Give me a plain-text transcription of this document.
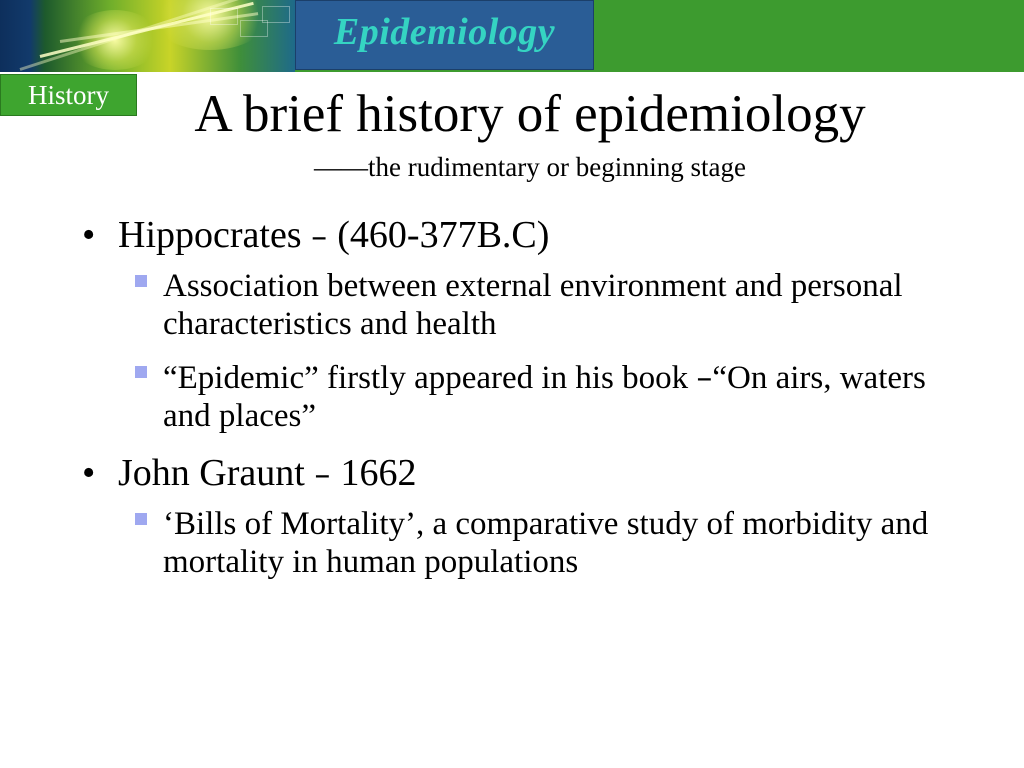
Epidemiology
History	A brief history of epidemiology
——the rudimentary or beginning stage
• Hippocrates – (460-377B.C)
Association between external environment and personal characteristics and health
“Epidemic” firstly appeared in his book –“On airs, waters and places”
• John Graunt – 1662
‘Bills of Mortality’, a comparative study of morbidity and mortality in human populations
